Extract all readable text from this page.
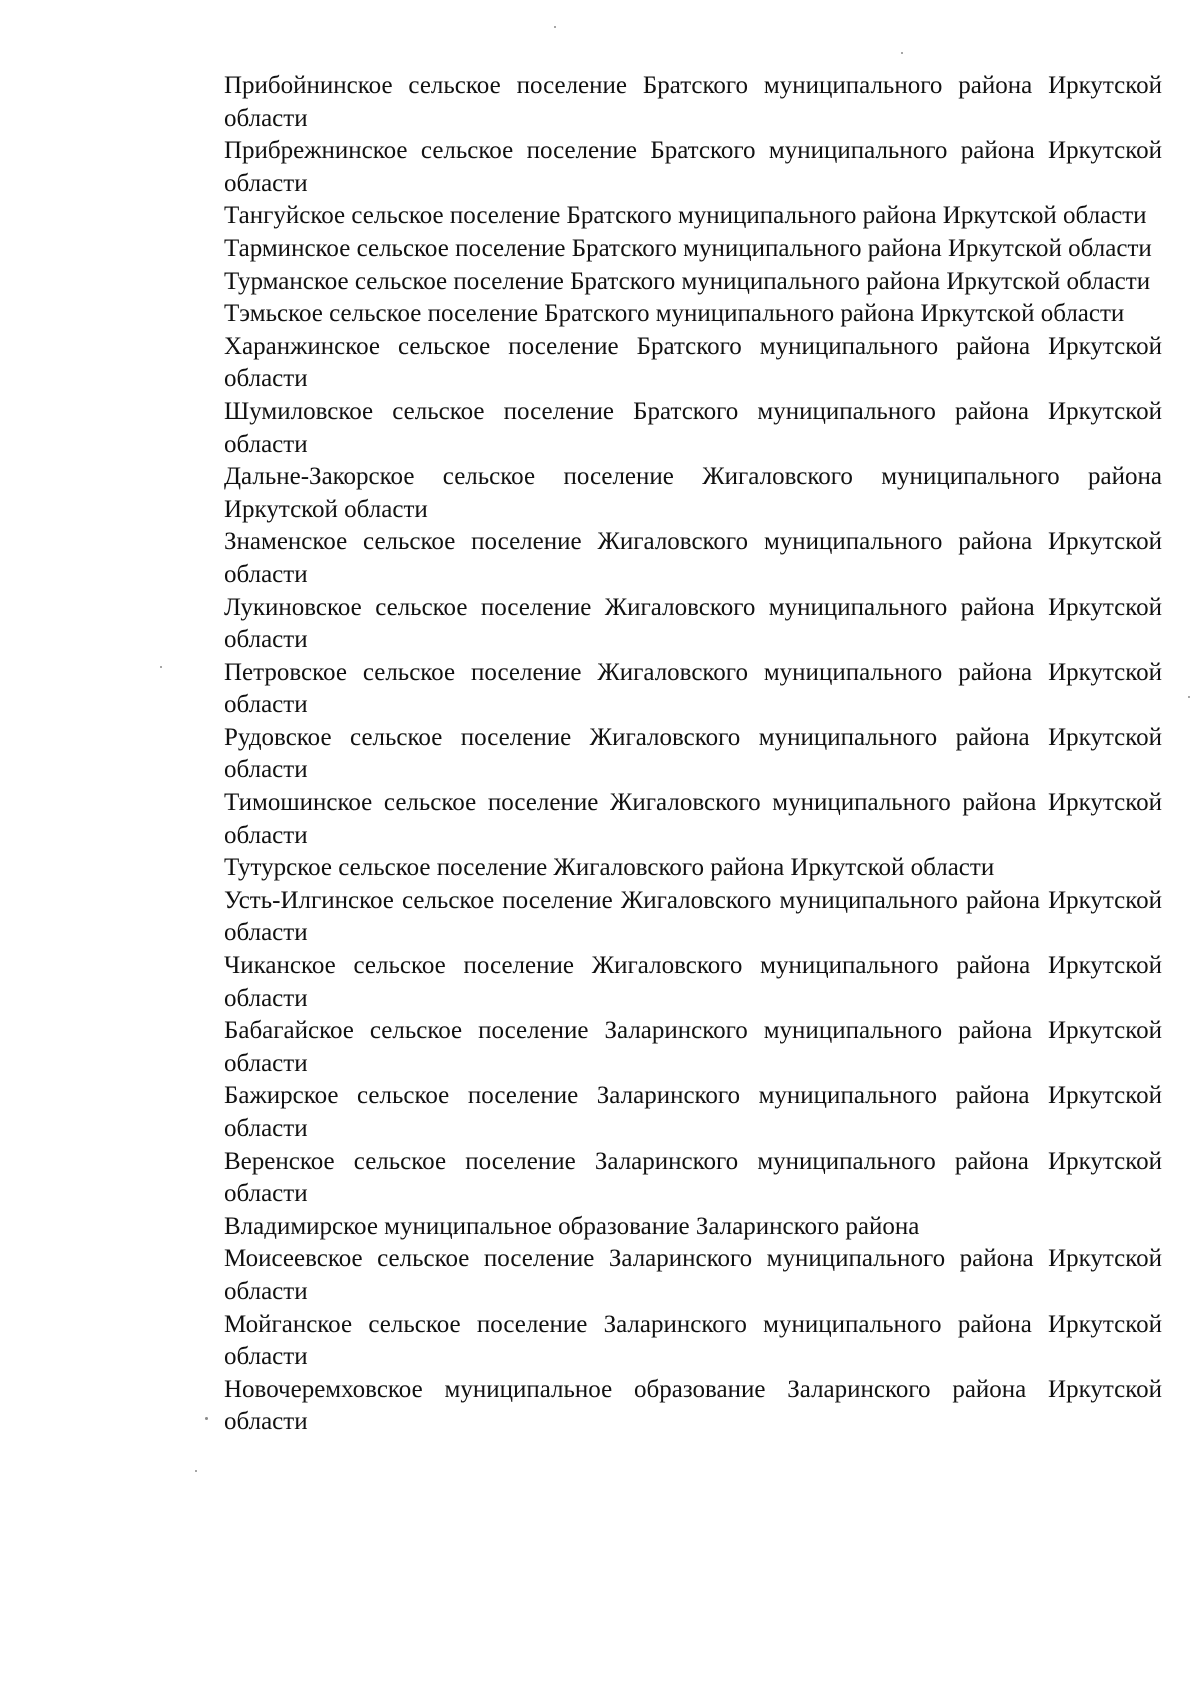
Прибойнинское сельское поселение Братского муниципального района Иркутской области
Прибрежнинское сельское поселение Братского муниципального района Иркутской области
Тангуйское сельское поселение Братского муниципального района Иркутской области
Тарминское сельское поселение Братского муниципального района Иркутской области
Турманское сельское поселение Братского муниципального района Иркутской области
Тэмьское сельское поселение Братского муниципального района Иркутской области
Харанжинское сельское поселение Братского муниципального района Иркутской области
Шумиловское сельское поселение Братского муниципального района Иркутской области
Дальне-Закорское сельское поселение Жигаловского муниципального района Иркутской области
Знаменское сельское поселение Жигаловского муниципального района Иркутской области
Лукиновское сельское поселение Жигаловского муниципального района Иркутской области
Петровское сельское поселение Жигаловского муниципального района Иркутской области
Рудовское сельское поселение Жигаловского муниципального района Иркутской области
Тимошинское сельское поселение Жигаловского муниципального района Иркутской области
Тутурское сельское поселение Жигаловского района Иркутской области
Усть-Илгинское сельское поселение Жигаловского муниципального района Иркутской области
Чиканское сельское поселение Жигаловского муниципального района Иркутской области
Бабагайское сельское поселение Заларинского муниципального района Иркутской области
Бажирское сельское поселение Заларинского муниципального района Иркутской области
Веренское сельское поселение Заларинского муниципального района Иркутской области
Владимирское муниципальное образование Заларинского района
Моисеевское сельское поселение Заларинского муниципального района Иркутской области
Мойганское сельское поселение Заларинского муниципального района Иркутской области
Новочеремховское муниципальное образование Заларинского района Иркутской области
